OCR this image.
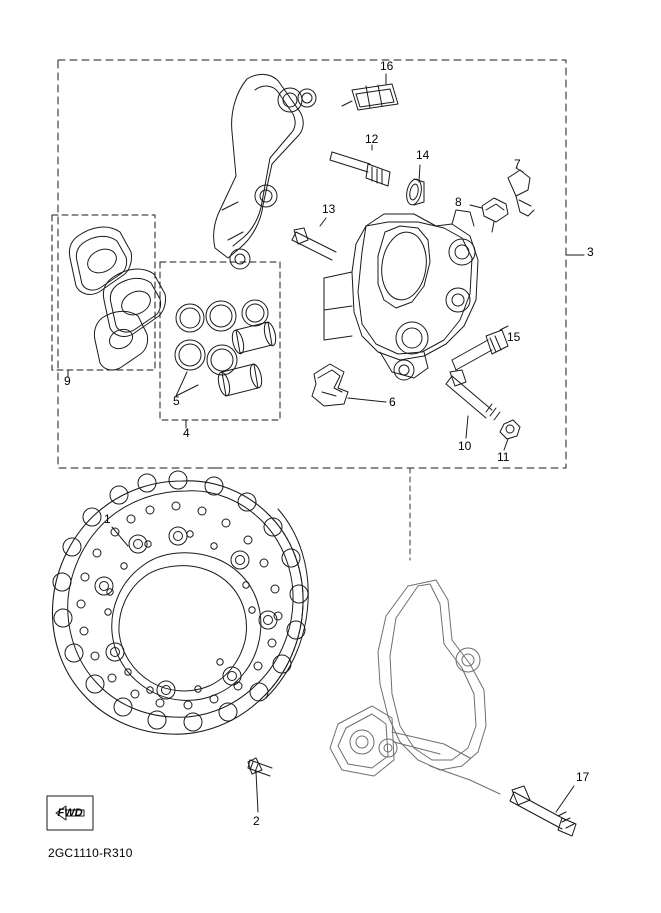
1
2
3
4
5	6
7
8
9
10
11
12
13
14
15
16
17
FWD
2GC1110-R310
